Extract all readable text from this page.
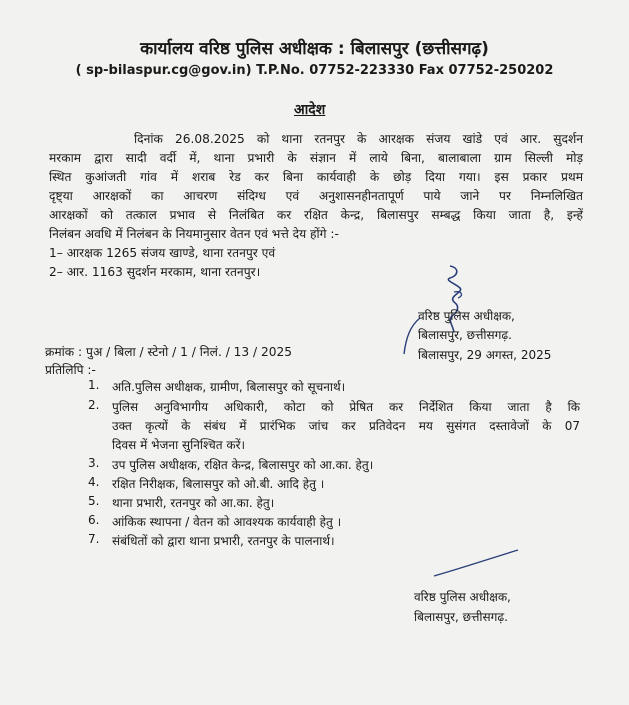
कार्यालय वरिष्ठ पुलिस अधीक्षक : बिलासपुर (छत्तीसगढ़)
( sp-bilaspur.cg@gov.in) T.P.No. 07752-223330 Fax 07752-250202
आदेश
दिनांक 26.08.2025 को थाना रतनपुर के आरक्षक संजय खांडे एवं आर. सुदर्शन
मरकाम द्वारा सादी वर्दी में, थाना प्रभारी के संज्ञान में लाये बिना, बालाबाला ग्राम सिल्ली मोड़
स्थित कुआंजती गांव में शराब रेड कर बिना कार्यवाही के छोड़ दिया गया। इस प्रकार प्रथम
दृष्ट्या आरक्षकों का आचरण संदिग्ध एवं अनुशासनहीनतापूर्ण पाये जाने पर निम्नलिखित
आरक्षकों को तत्काल प्रभाव से निलंबित कर रक्षित केन्द्र, बिलासपुर सम्बद्ध किया जाता है, इन्हें
निलंबन अवधि में निलंबन के नियमानुसार वेतन एवं भत्ते देय होंगे :-
1– आरक्षक 1265 संजय खाण्डे, थाना रतनपुर एवं
2– आर. 1163 सुदर्शन मरकाम, थाना रतनपुर।
वरिष्ठ पुलिस अधीक्षक,
बिलासपुर, छत्तीसगढ़.
बिलासपुर, 29 अगस्त, 2025
क्रमांक : पुअ / बिला / स्टेनो / 1 / निलं. / 13 / 2025
प्रतिलिपि :-
1. अति.पुलिस अधीक्षक, ग्रामीण, बिलासपुर को सूचनार्थ।
2. पुलिस अनुविभागीय अधिकारी, कोटा को प्रेषित कर निर्देशित किया जाता है कि
उक्त कृत्यों के संबंध में प्रारंभिक जांच कर प्रतिवेदन मय सुसंगत दस्तावेजों के 07
दिवस में भेजना सुनिश्चित करें।
3. उप पुलिस अधीक्षक, रक्षित केन्द्र, बिलासपुर को आ.का. हेतु।
4. रक्षित निरीक्षक, बिलासपुर को ओ.बी. आदि हेतु ।
5. थाना प्रभारी, रतनपुर को आ.का. हेतु।
6. आंकिक स्थापना / वेतन को आवश्यक कार्यवाही हेतु ।
7. संबंधितों को द्वारा थाना प्रभारी, रतनपुर के पालनार्थ।
वरिष्ठ पुलिस अधीक्षक,
बिलासपुर, छत्तीसगढ़.
